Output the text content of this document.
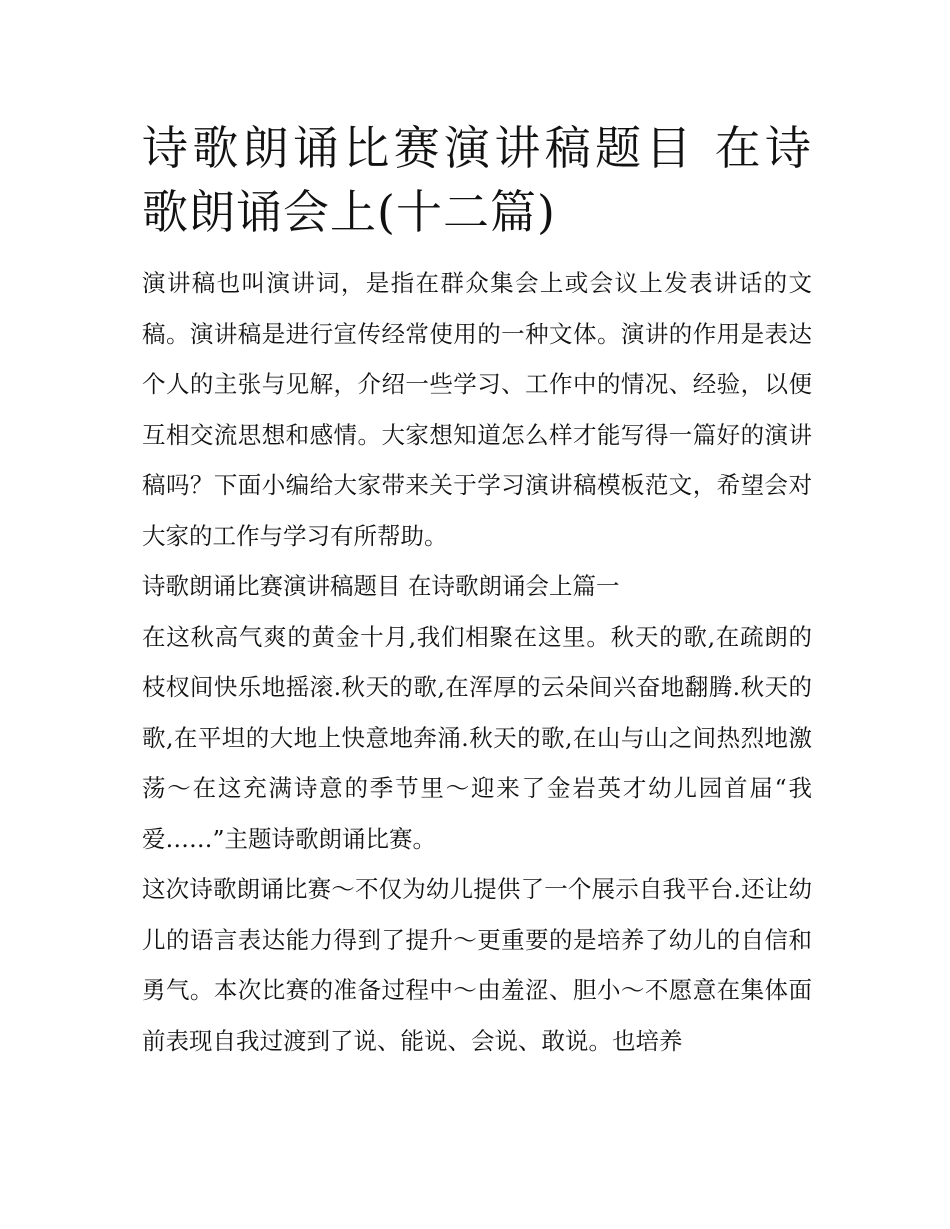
诗歌朗诵比赛演讲稿题目 在诗歌朗诵会上(十二篇)

演讲稿也叫演讲词，是指在群众集会上或会议上发表讲话的文稿。演讲稿是进行宣传经常使用的一种文体。演讲的作用是表达个人的主张与见解，介绍一些学习、工作中的情况、经验，以便互相交流思想和感情。大家想知道怎么样才能写得一篇好的演讲稿吗？下面小编给大家带来关于学习演讲稿模板范文，希望会对大家的工作与学习有所帮助。

诗歌朗诵比赛演讲稿题目 在诗歌朗诵会上篇一

在这秋高气爽的黄金十月,我们相聚在这里。秋天的歌,在疏朗的枝杈间快乐地摇滚.秋天的歌,在浑厚的云朵间兴奋地翻腾.秋天的歌,在平坦的大地上快意地奔涌.秋天的歌,在山与山之间热烈地激荡～在这充满诗意的季节里～迎来了金岩英才幼儿园首届“我爱……”主题诗歌朗诵比赛。

这次诗歌朗诵比赛～不仅为幼儿提供了一个展示自我平台.还让幼儿的语言表达能力得到了提升～更重要的是培养了幼儿的自信和勇气。本次比赛的准备过程中～由羞涩、胆小～不愿意在集体面前表现自我过渡到了说、能说、会说、敢说。也培养
